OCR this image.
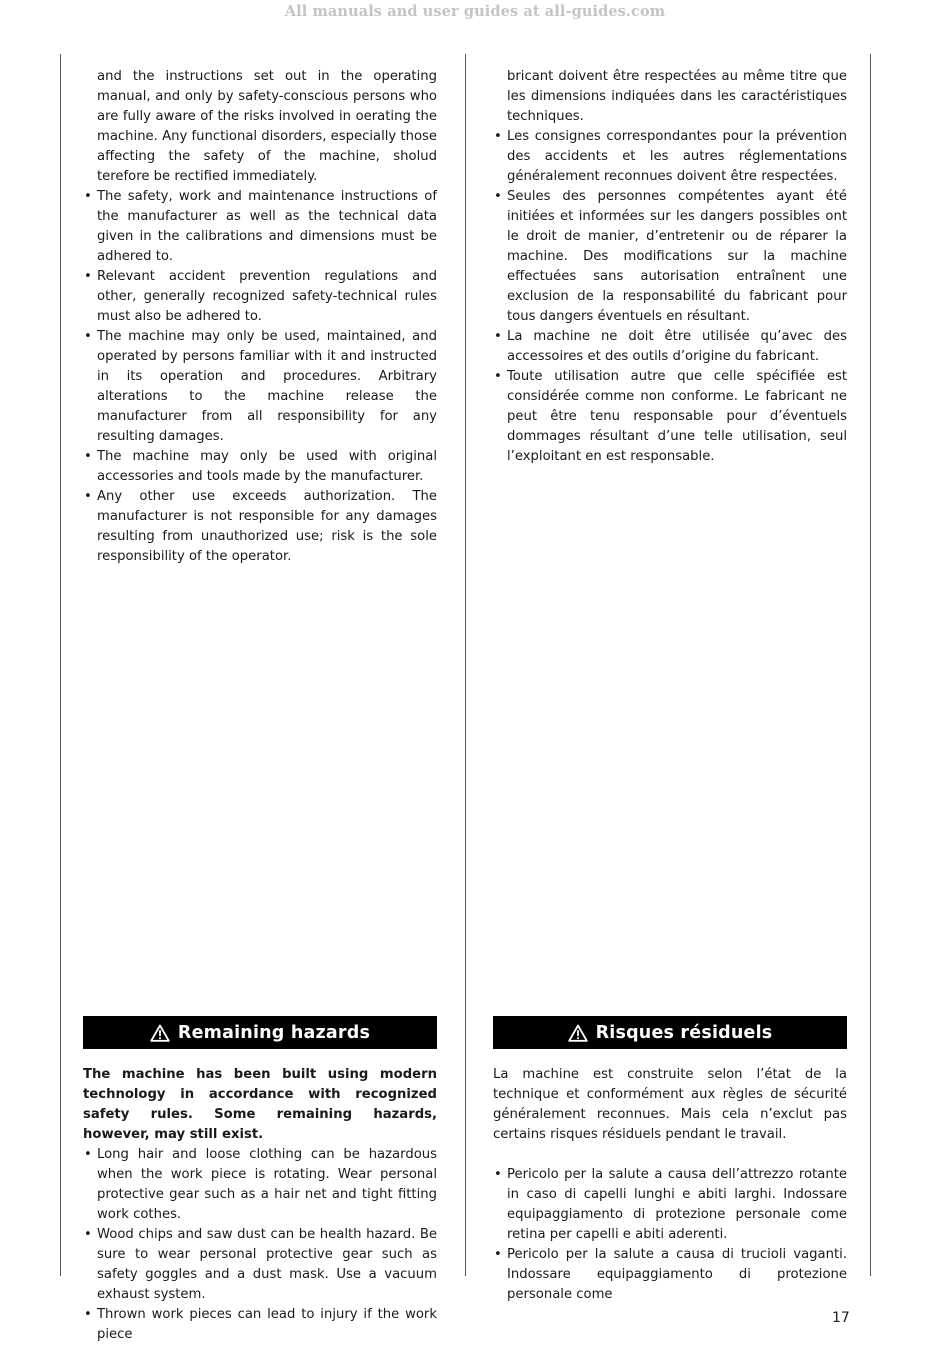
All manuals and user guides at all-guides.com

and the instructions set out in the operating manual, and only by safety-conscious persons who are fully aware of the risks involved in oerating the machine. Any functional disorders, especially those affecting the safety of the machine, sholud terefore be rectified immediately.

• The safety, work and maintenance instructions of the manufacturer as well as the technical data given in the calibrations and dimensions must be adhered to.
• Relevant accident prevention regulations and other, generally recognized safety-technical rules must also be adhered to.
• The machine may only be used, maintained, and operated by persons familiar with it and instructed in its operation and procedures. Arbitrary alterations to the machine release the manufacturer from all responsibility for any resulting damages.
• The machine may only be used with original accessories and tools made by the manufacturer.
• Any other use exceeds authorization. The manufacturer is not responsible for any damages resulting from unauthorized use; risk is the sole responsibility of the operator.

bricant doivent être respectées au même titre que les dimensions indiquées dans les caractéristiques techniques.

• Les consignes correspondantes pour la prévention des accidents et les autres réglementations généralement reconnues doivent être respectées.
• Seules des personnes compétentes ayant été initiées et informées sur les dangers possibles ont le droit de manier, d’entretenir ou de réparer la machine. Des modifications sur la machine effectuées sans autorisation entraînent une exclusion de la responsabilité du fabricant pour tous dangers éventuels en résultant.
• La machine ne doit être utilisée qu’avec des accessoires et des outils d’origine du fabricant.
• Toute utilisation autre que celle spécifiée est considérée comme non conforme. Le fabricant ne peut être tenu responsable pour d’éventuels dommages résultant d’une telle utilisation, seul l’exploitant en est responsable.
Remaining hazards	Risques résiduels

The machine has been built using modern technology in accordance with recognized safety rules. Some remaining hazards, however, may still exist.

• Long hair and loose clothing can be hazardous when the work piece is rotating. Wear personal protective gear such as a hair net and tight fitting work cothes.
• Wood chips and saw dust can be health hazard. Be sure to wear personal protective gear such as safety goggles and a dust mask. Use a vacuum exhaust system.
• Thrown work pieces can lead to injury if the work piece

La machine est construite selon l’état de la technique et conformément aux règles de sécurité généralement reconnues. Mais cela n’exclut pas certains risques résiduels pendant le travail.

• Pericolo per la salute a causa dell’attrezzo rotante in caso di capelli lunghi e abiti larghi. Indossare equipaggiamento di protezione personale come retina per capelli e abiti aderenti.
• Pericolo per la salute a causa di trucioli vaganti. Indossare equipaggiamento di protezione personale come
17
